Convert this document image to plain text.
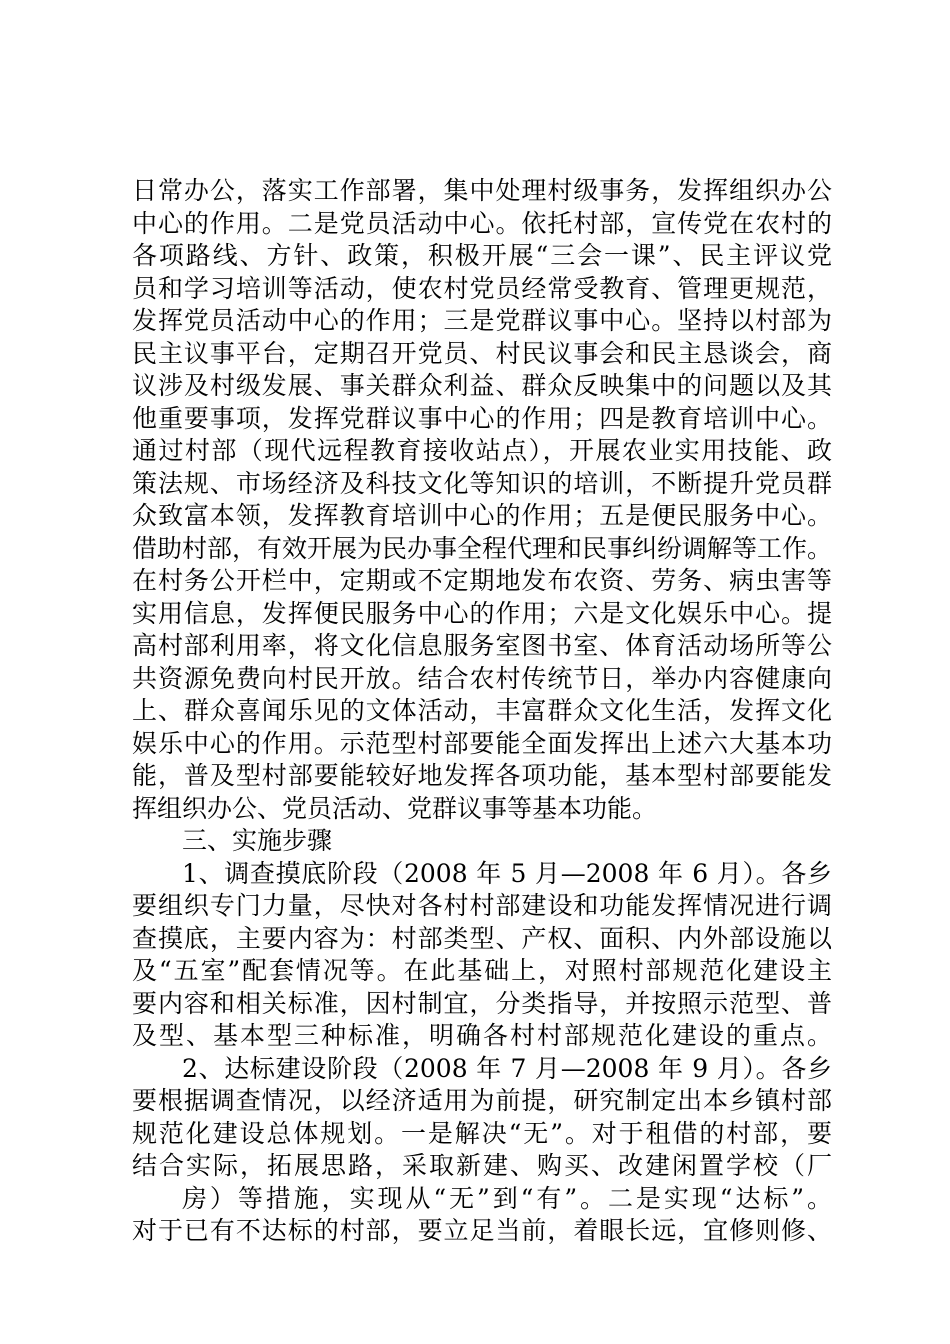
日常办公，落实工作部署，集中处理村级事务，发挥组织办公
中心的作用。二是党员活动中心。依托村部，宣传党在农村的
各项路线、方针、政策，积极开展“三会一课”、民主评议党
员和学习培训等活动，使农村党员经常受教育、管理更规范，
发挥党员活动中心的作用；三是党群议事中心。坚持以村部为
民主议事平台，定期召开党员、村民议事会和民主恳谈会，商
议涉及村级发展、事关群众利益、群众反映集中的问题以及其
他重要事项，发挥党群议事中心的作用；四是教育培训中心。
通过村部（现代远程教育接收站点），开展农业实用技能、政
策法规、市场经济及科技文化等知识的培训，不断提升党员群
众致富本领，发挥教育培训中心的作用；五是便民服务中心。
借助村部，有效开展为民办事全程代理和民事纠纷调解等工作。
在村务公开栏中，定期或不定期地发布农资、劳务、病虫害等
实用信息，发挥便民服务中心的作用；六是文化娱乐中心。提
高村部利用率，将文化信息服务室图书室、体育活动场所等公
共资源免费向村民开放。结合农村传统节日，举办内容健康向
上、群众喜闻乐见的文体活动，丰富群众文化生活，发挥文化
娱乐中心的作用。示范型村部要能全面发挥出上述六大基本功
能，普及型村部要能较好地发挥各项功能，基本型村部要能发
挥组织办公、党员活动、党群议事等基本功能。
三、实施步骤
1、调查摸底阶段（2008 年 5 月—2008 年 6 月）。各乡
要组织专门力量，尽快对各村村部建设和功能发挥情况进行调
查摸底，主要内容为：村部类型、产权、面积、内外部设施以
及“五室”配套情况等。在此基础上，对照村部规范化建设主
要内容和相关标准，因村制宜，分类指导，并按照示范型、普
及型、基本型三种标准，明确各村村部规范化建设的重点。
2、达标建设阶段（2008 年 7 月—2008 年 9 月）。各乡
要根据调查情况，以经济适用为前提，研究制定出本乡镇村部
规范化建设总体规划。一是解决“无”。对于租借的村部，要
结合实际，拓展思路，采取新建、购买、改建闲置学校（厂
房）等措施，实现从“无”到“有”。二是实现“达标”。
对于已有不达标的村部，要立足当前，着眼长远，宜修则修、
